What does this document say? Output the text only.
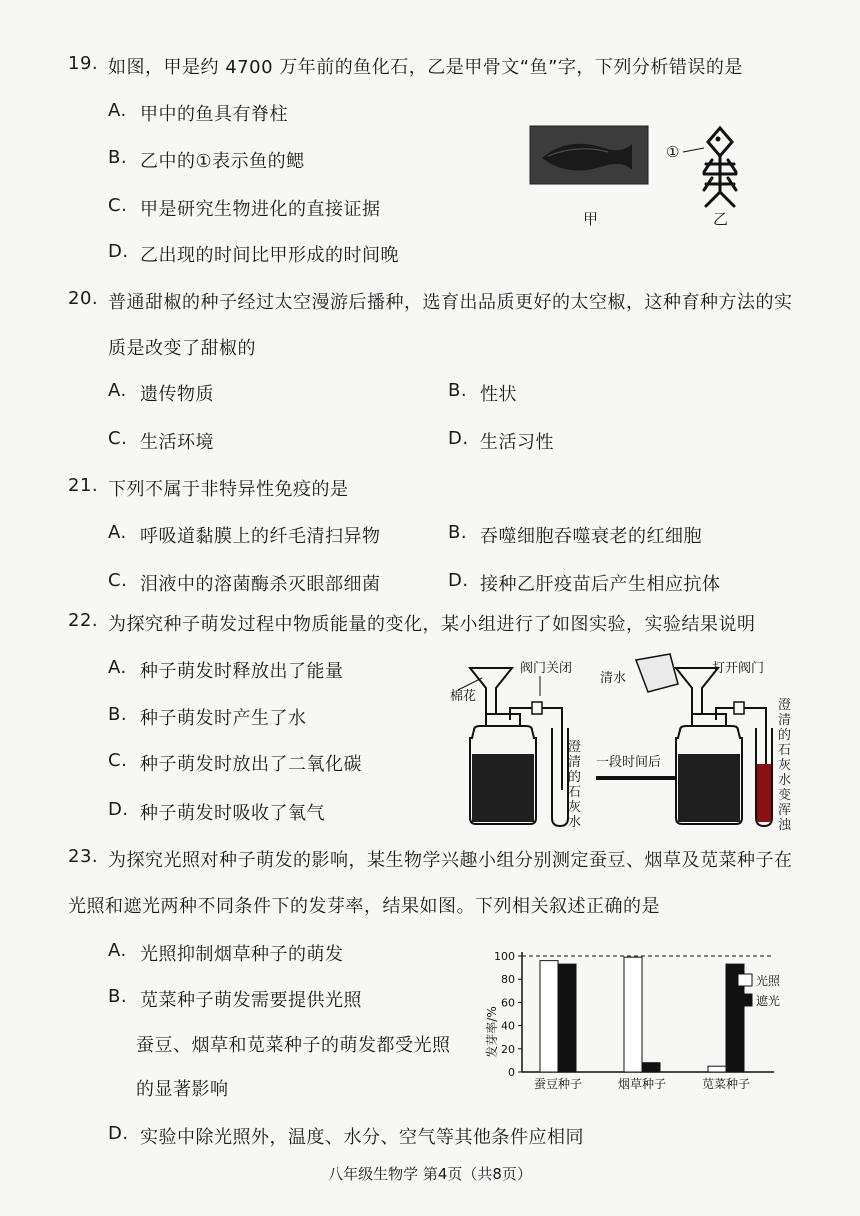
19. 如图，甲是约 4700 万年前的鱼化石，乙是甲骨文“鱼”字，下列分析错误的是
A. 甲中的鱼具有脊柱
B. 乙中的①表示鱼的鳃
C. 甲是研究生物进化的直接证据
D. 乙出现的时间比甲形成的时间晚
①
甲	乙
20. 普通甜椒的种子经过太空漫游后播种，选育出品质更好的太空椒，这种育种方法的实
质是改变了甜椒的
A. 遗传物质	B. 性状
C. 生活环境	D. 生活习性
21. 下列不属于非特异性免疫的是
A. 呼吸道黏膜上的纤毛清扫异物	B. 吞噬细胞吞噬衰老的红细胞
C. 泪液中的溶菌酶杀灭眼部细菌	D. 接种乙肝疫苗后产生相应抗体
22. 为探究种子萌发过程中物质能量的变化，某小组进行了如图实验，实验结果说明
A. 种子萌发时释放出了能量
B. 种子萌发时产生了水
C. 种子萌发时放出了二氧化碳
D. 种子萌发时吸收了氧气
棉花
阀门关闭
清水
打开阀门
一段时间后
澄清的石灰水
澄清的石灰水变浑浊
23. 为探究光照对种子萌发的影响，某生物学兴趣小组分别测定蚕豆、烟草及苋菜种子在
光照和遮光两种不同条件下的发芽率，结果如图。下列相关叙述正确的是
A. 光照抑制烟草种子的萌发
B. 苋菜种子萌发需要提供光照
C. 蚕豆、烟草和苋菜种子的萌发都受光照
的显著影响
D. 实验中除光照外，温度、水分、空气等其他条件应相同
发芽率/%
0
20
40
60
80
100
蚕豆种子	烟草种子	苋菜种子
光照
遮光
八年级生物学 第4页（共8页）
